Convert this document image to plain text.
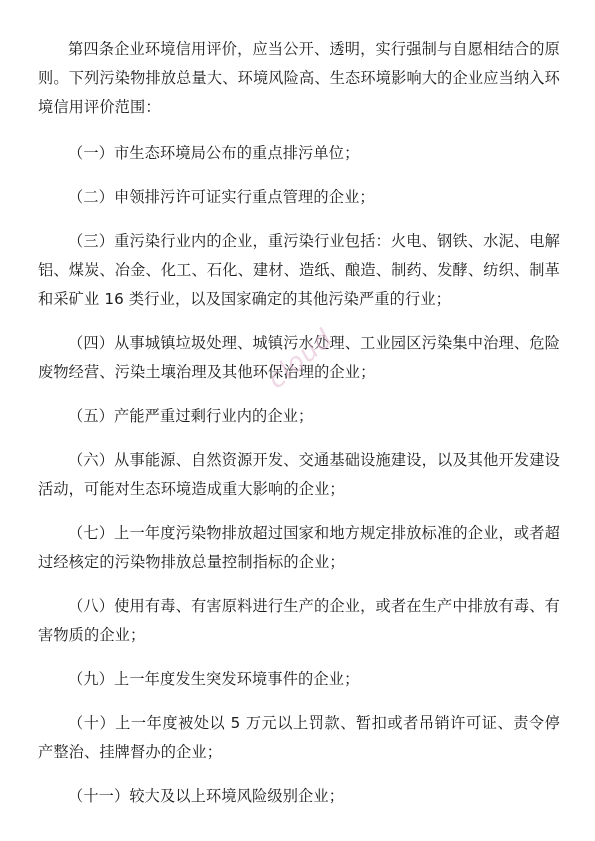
第四条企业环境信用评价，应当公开、透明，实行强制与自愿相结合的原则。下列污染物排放总量大、环境风险高、生态环境影响大的企业应当纳入环境信用评价范围：

（一）市生态环境局公布的重点排污单位；

（二）申领排污许可证实行重点管理的企业；

（三）重污染行业内的企业，重污染行业包括：火电、钢铁、水泥、电解铝、煤炭、冶金、化工、石化、建材、造纸、酿造、制药、发酵、纺织、制革和采矿业 16 类行业，以及国家确定的其他污染严重的行业；

（四）从事城镇垃圾处理、城镇污水处理、工业园区污染集中治理、危险废物经营、污染土壤治理及其他环保治理的企业；

（五）产能严重过剩行业内的企业；

（六）从事能源、自然资源开发、交通基础设施建设，以及其他开发建设活动，可能对生态环境造成重大影响的企业；

（七）上一年度污染物排放超过国家和地方规定排放标准的企业，或者超过经核定的污染物排放总量控制指标的企业；

（八）使用有毒、有害原料进行生产的企业，或者在生产中排放有毒、有害物质的企业；

（九）上一年度发生突发环境事件的企业；

（十）上一年度被处以 5 万元以上罚款、暂扣或者吊销许可证、责令停产整治、挂牌督办的企业；

（十一）较大及以上环境风险级别企业；

cloud
